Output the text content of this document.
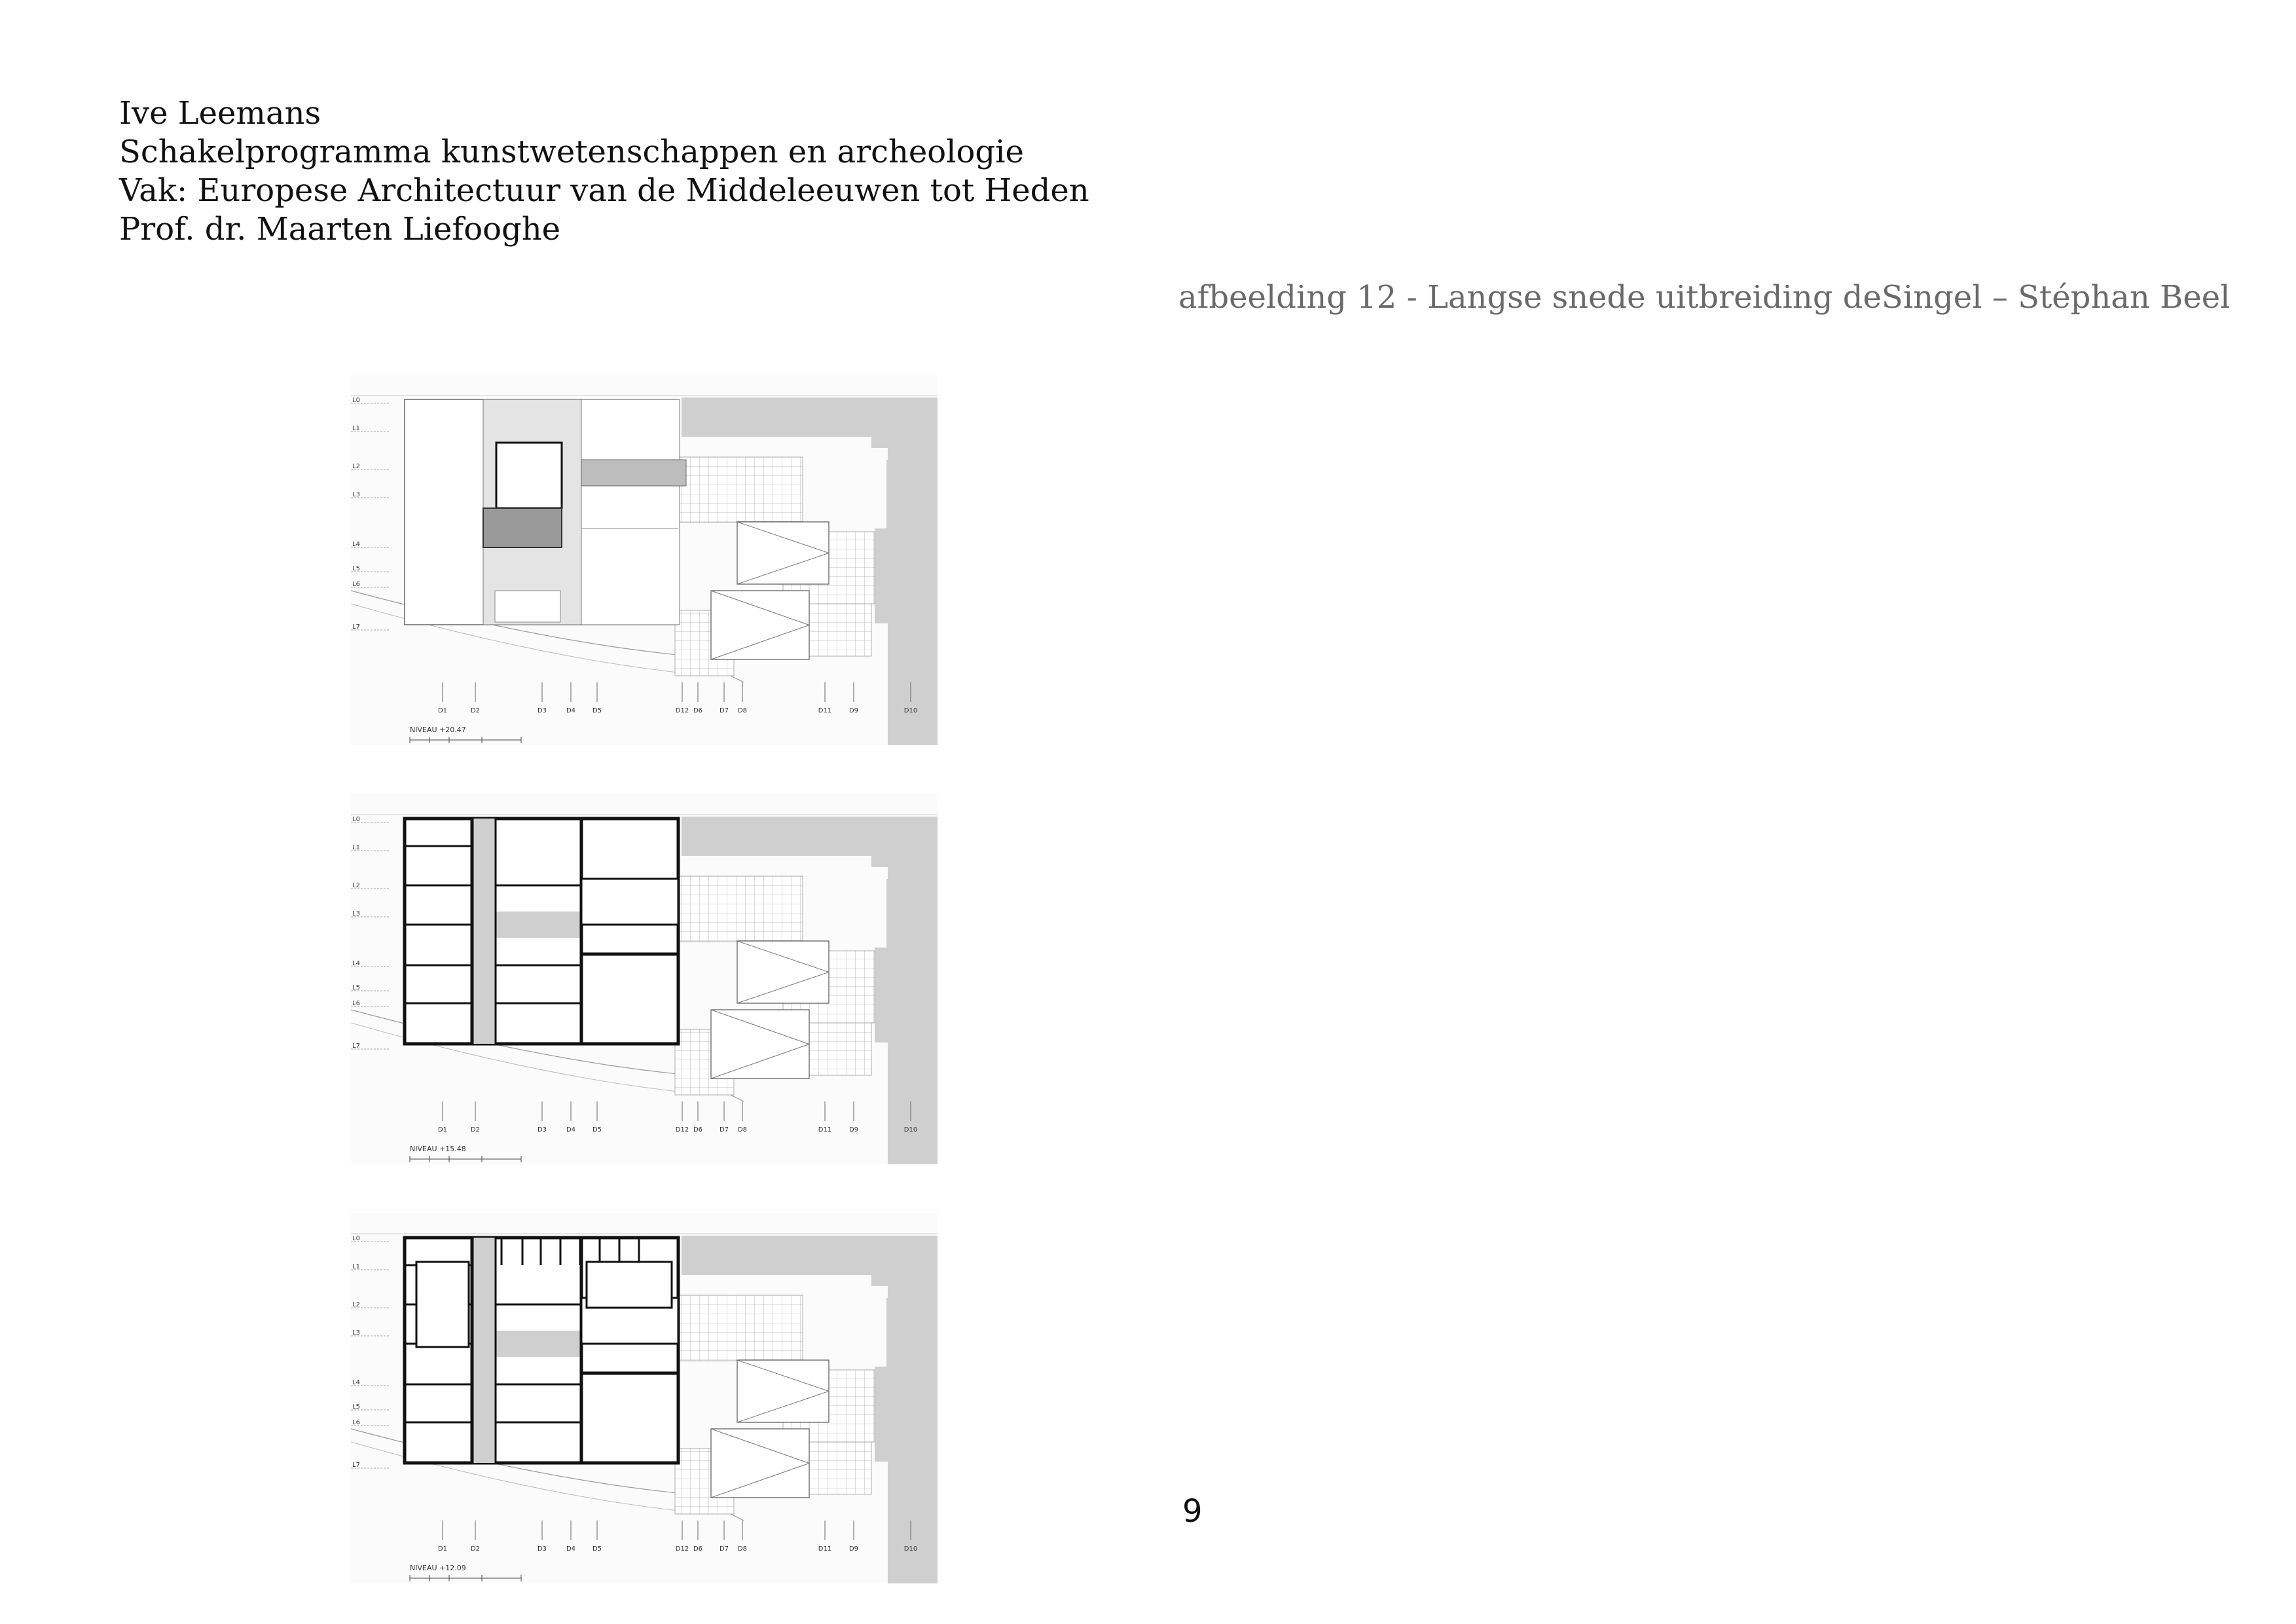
Ive Leemans
Schakelprogramma kunstwetenschappen en archeologie
Vak: Europese Architectuur van de Middeleeuwen tot Heden
Prof. dr. Maarten Liefooghe
afbeelding 12 - Langse snede uitbreiding deSingel – Stéphan Beel
L0
L1
L2
L3
L4
L5
L6
L7
D1	D2	D3	D4	D5	D12 D6	D7 D8	D11	D9	D10
NIVEAU +20.47
L0
L1
L2
L3
L4
L5
L6
L7
D1	D2	D3	D4	D5	D12 D6	D7 D8	D11	D9	D10
NIVEAU +15.48
L0
L1
L2
L3
L4
L5
L6
L7
D1	D2	D3	D4	D5	D12 D6	D7 D8	D11	D9	D10
NIVEAU +12.09
9
